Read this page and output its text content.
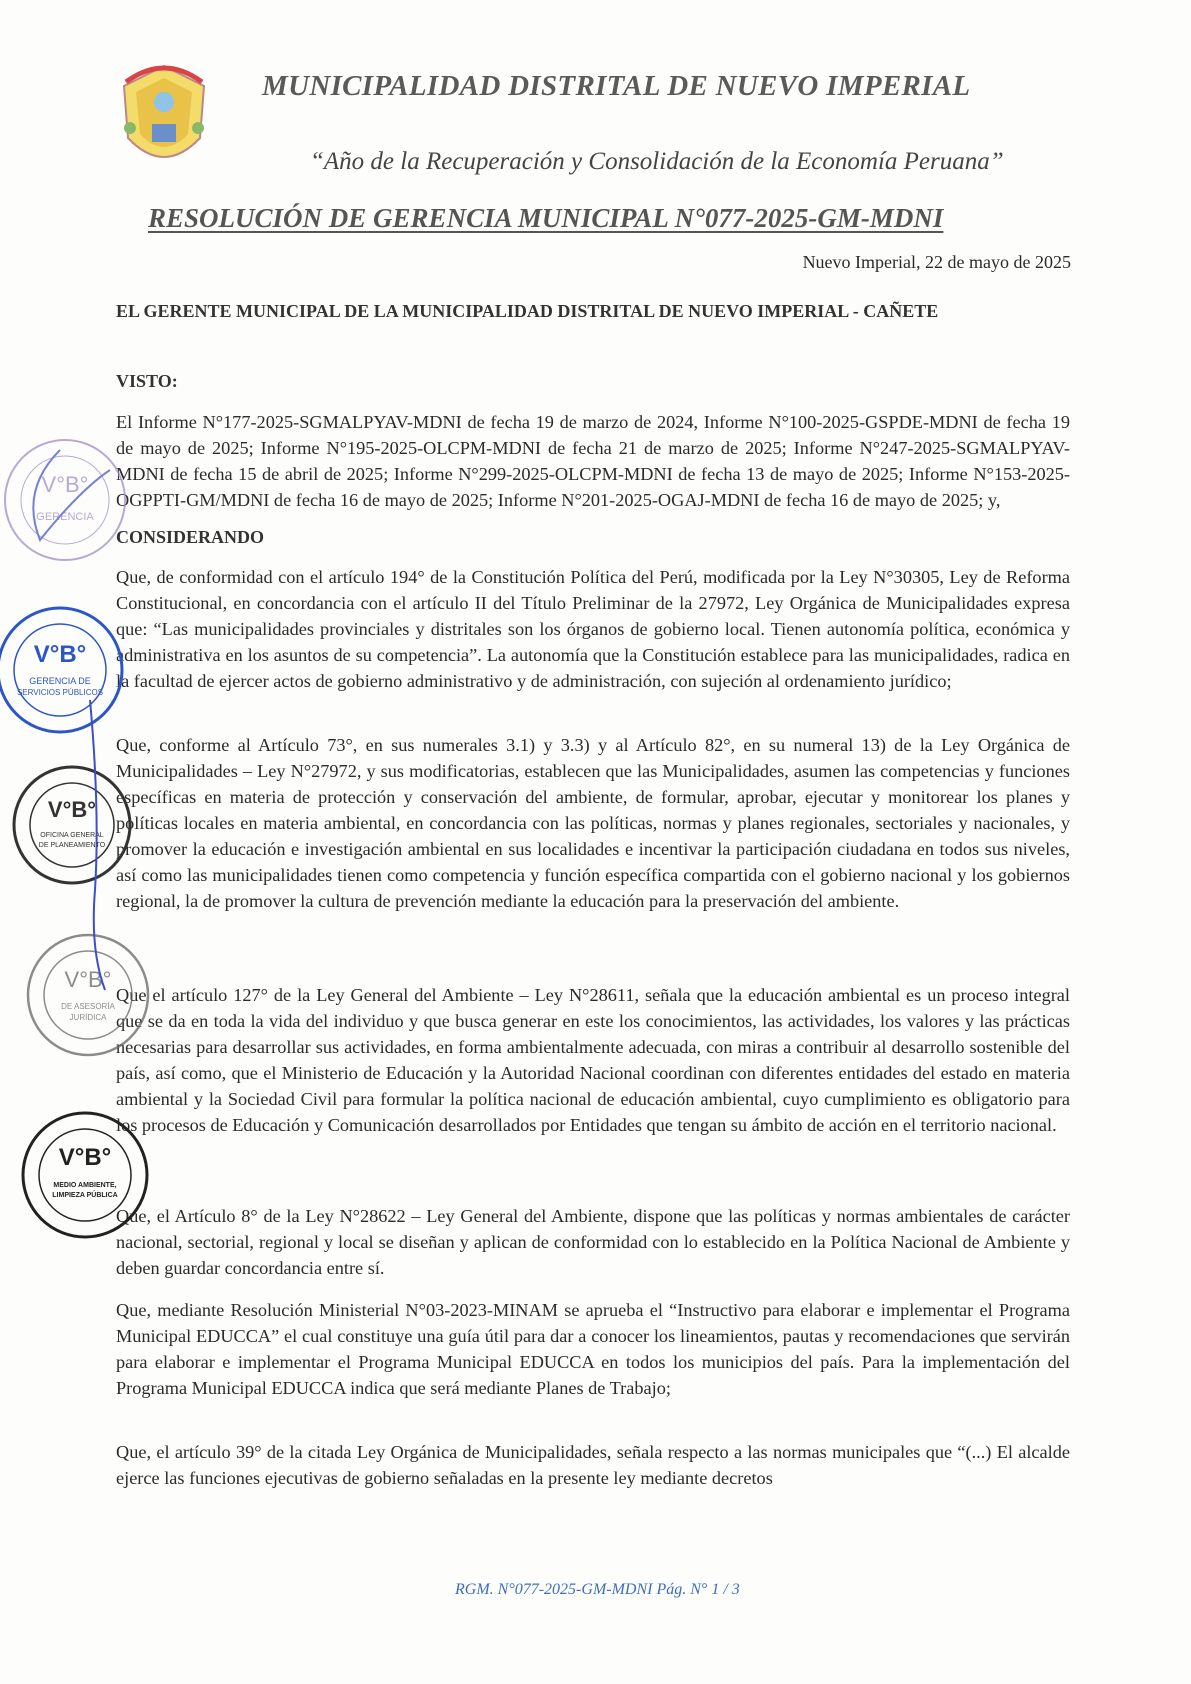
MUNICIPALIDAD DISTRITAL DE NUEVO IMPERIAL
“Año de la Recuperación y Consolidación de la Economía Peruana”
RESOLUCIÓN DE GERENCIA MUNICIPAL N°077-2025-GM-MDNI
Nuevo Imperial, 22 de mayo de 2025
EL GERENTE MUNICIPAL DE LA MUNICIPALIDAD DISTRITAL DE NUEVO IMPERIAL - CAÑETE
VISTO:
El Informe N°177-2025-SGMALPYAV-MDNI de fecha 19 de marzo de 2024, Informe N°100-2025-GSPDE-MDNI de fecha 19 de mayo de 2025; Informe N°195-2025-OLCPM-MDNI de fecha 21 de marzo de 2025; Informe N°247-2025-SGMALPYAV-MDNI de fecha 15 de abril de 2025; Informe N°299-2025-OLCPM-MDNI de fecha 13 de mayo de 2025; Informe N°153-2025-OGPPTI-GM/MDNI de fecha 16 de mayo de 2025; Informe N°201-2025-OGAJ-MDNI de fecha 16 de mayo de 2025; y,
CONSIDERANDO
Que, de conformidad con el artículo 194° de la Constitución Política del Perú, modificada por la Ley N°30305, Ley de Reforma Constitucional, en concordancia con el artículo II del Título Preliminar de la 27972, Ley Orgánica de Municipalidades expresa que: “Las municipalidades provinciales y distritales son los órganos de gobierno local. Tienen autonomía política, económica y administrativa en los asuntos de su competencia”. La autonomía que la Constitución establece para las municipalidades, radica en la facultad de ejercer actos de gobierno administrativo y de administración, con sujeción al ordenamiento jurídico;
Que, conforme al Artículo 73°, en sus numerales 3.1) y 3.3) y al Artículo 82°, en su numeral 13) de la Ley Orgánica de Municipalidades – Ley N°27972, y sus modificatorias, establecen que las Municipalidades, asumen las competencias y funciones específicas en materia de protección y conservación del ambiente, de formular, aprobar, ejecutar y monitorear los planes y políticas locales en materia ambiental, en concordancia con las políticas, normas y planes regionales, sectoriales y nacionales, y promover la educación e investigación ambiental en sus localidades e incentivar la participación ciudadana en todos sus niveles, así como las municipalidades tienen como competencia y función específica compartida con el gobierno nacional y los gobiernos regional, la de promover la cultura de prevención mediante la educación para la preservación del ambiente.
Que el artículo 127° de la Ley General del Ambiente – Ley N°28611, señala que la educación ambiental es un proceso integral que se da en toda la vida del individuo y que busca generar en este los conocimientos, las actividades, los valores y las prácticas necesarias para desarrollar sus actividades, en forma ambientalmente adecuada, con miras a contribuir al desarrollo sostenible del país, así como, que el Ministerio de Educación y la Autoridad Nacional coordinan con diferentes entidades del estado en materia ambiental y la Sociedad Civil para formular la política nacional de educación ambiental, cuyo cumplimiento es obligatorio para los procesos de Educación y Comunicación desarrollados por Entidades que tengan su ámbito de acción en el territorio nacional.
Que, el Artículo 8° de la Ley N°28622 – Ley General del Ambiente, dispone que las políticas y normas ambientales de carácter nacional, sectorial, regional y local se diseñan y aplican de conformidad con lo establecido en la Política Nacional de Ambiente y deben guardar concordancia entre sí.
Que, mediante Resolución Ministerial N°03-2023-MINAM se aprueba el “Instructivo para elaborar e implementar el Programa Municipal EDUCCA” el cual constituye una guía útil para dar a conocer los lineamientos, pautas y recomendaciones que servirán para elaborar e implementar el Programa Municipal EDUCCA en todos los municipios del país. Para la implementación del Programa Municipal EDUCCA indica que será mediante Planes de Trabajo;
Que, el artículo 39° de la citada Ley Orgánica de Municipalidades, señala respecto a las normas municipales que “(...) El alcalde ejerce las funciones ejecutivas de gobierno señaladas en la presente ley mediante decretos
V°B°
GERENCIA
V°B°
GERENCIA DE
SERVICIOS PÚBLICOS
V°B°
OFICINA GENERAL
DE PLANEAMIENTO
V°B°
DE ASESORÍA
JURÍDICA
V°B°
MEDIO AMBIENTE,
LIMPIEZA PÚBLICA
RGM. N°077-2025-GM-MDNI Pág. N° 1 / 3
